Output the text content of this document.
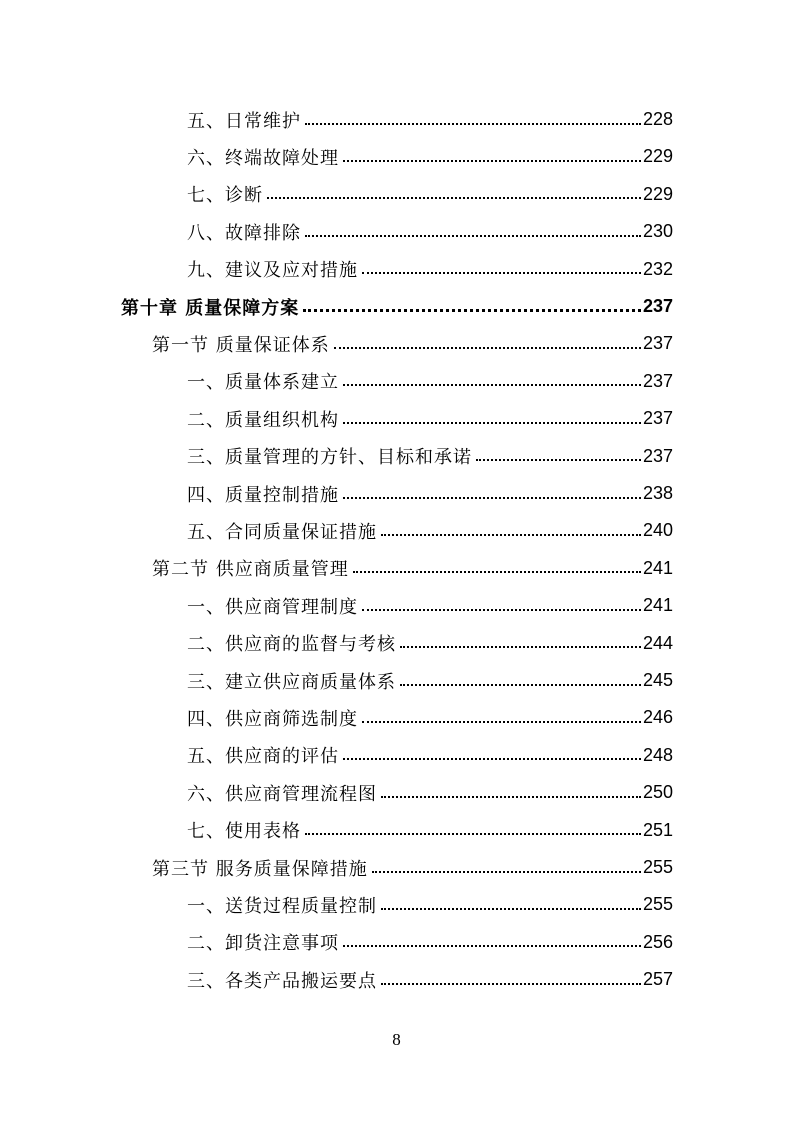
五、日常维护	228
六、终端故障处理	229
七、诊断	229
八、故障排除	230
九、建议及应对措施	232
第十章 质量保障方案	237
第一节 质量保证体系	237
一、质量体系建立	237
二、质量组织机构	237
三、质量管理的方针、目标和承诺	237
四、质量控制措施	238
五、合同质量保证措施	240
第二节 供应商质量管理	241
一、供应商管理制度	241
二、供应商的监督与考核	244
三、建立供应商质量体系	245
四、供应商筛选制度	246
五、供应商的评估	248
六、供应商管理流程图	250
七、使用表格	251
第三节 服务质量保障措施	255
一、送货过程质量控制	255
二、卸货注意事项	256
三、各类产品搬运要点	257
8
